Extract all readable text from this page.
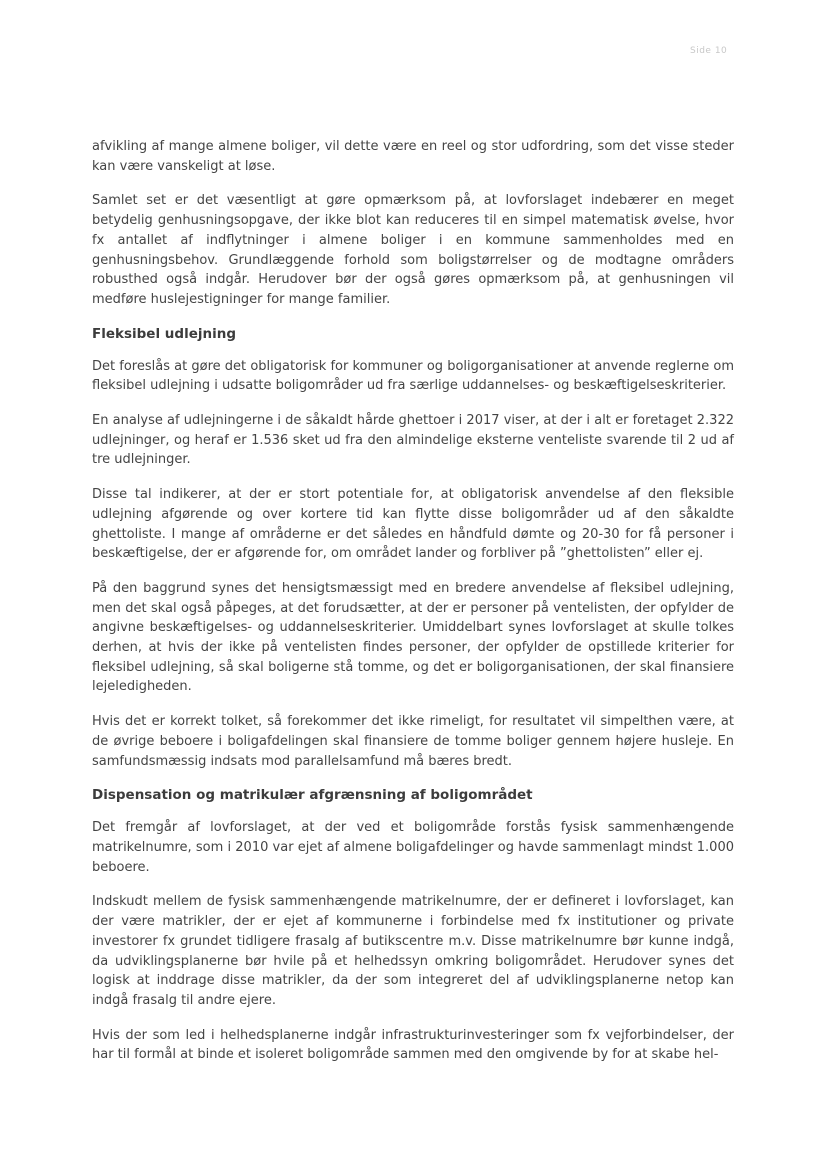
Side 10

afvikling af mange almene boliger, vil dette være en reel og stor udfordring, som det visse steder kan være vanskeligt at løse.

Samlet set er det væsentligt at gøre opmærksom på, at lovforslaget indebærer en meget betydelig genhusningsopgave, der ikke blot kan reduceres til en simpel matematisk øvelse, hvor fx antallet af indflytninger i almene boliger i en kommune sammenholdes med en genhusningsbehov. Grundlæggende forhold som boligstørrelser og de modtagne områders robusthed også indgår. Herudover bør der også gøres opmærksom på, at genhusningen vil medføre huslejestigninger for mange familier.

Fleksibel udlejning

Det foreslås at gøre det obligatorisk for kommuner og boligorganisationer at anvende reglerne om fleksibel udlejning i udsatte boligområder ud fra særlige uddannelses- og beskæftigelseskriterier.

En analyse af udlejningerne i de såkaldt hårde ghettoer i 2017 viser, at der i alt er foretaget 2.322 udlejninger, og heraf er 1.536 sket ud fra den almindelige eksterne venteliste svarende til 2 ud af tre udlejninger.

Disse tal indikerer, at der er stort potentiale for, at obligatorisk anvendelse af den fleksible udlejning afgørende og over kortere tid kan flytte disse boligområder ud af den såkaldte ghettoliste. I mange af områderne er det således en håndfuld dømte og 20-30 for få personer i beskæftigelse, der er afgørende for, om området lander og forbliver på ”ghettolisten” eller ej.

På den baggrund synes det hensigtsmæssigt med en bredere anvendelse af fleksibel udlejning, men det skal også påpeges, at det forudsætter, at der er personer på ventelisten, der opfylder de angivne beskæftigelses- og uddannelseskriterier. Umiddelbart synes lovforslaget at skulle tolkes derhen, at hvis der ikke på ventelisten findes personer, der opfylder de opstillede kriterier for fleksibel udlejning, så skal boligerne stå tomme, og det er boligorganisationen, der skal finansiere lejeledigheden.

Hvis det er korrekt tolket, så forekommer det ikke rimeligt, for resultatet vil simpelthen være, at de øvrige beboere i boligafdelingen skal finansiere de tomme boliger gennem højere husleje. En samfundsmæssig indsats mod parallelsamfund må bæres bredt.

Dispensation og matrikulær afgrænsning af boligområdet

Det fremgår af lovforslaget, at der ved et boligområde forstås fysisk sammenhængende matrikelnumre, som i 2010 var ejet af almene boligafdelinger og havde sammenlagt mindst 1.000 beboere.

Indskudt mellem de fysisk sammenhængende matrikelnumre, der er defineret i lovforslaget, kan der være matrikler, der er ejet af kommunerne i forbindelse med fx institutioner og private investorer fx grundet tidligere frasalg af butikscentre m.v. Disse matrikelnumre bør kunne indgå, da udviklingsplanerne bør hvile på et helhedssyn omkring boligområdet. Herudover synes det logisk at inddrage disse matrikler, da der som integreret del af udviklingsplanerne netop kan indgå frasalg til andre ejere.

Hvis der som led i helhedsplanerne indgår infrastrukturinvesteringer som fx vejforbindelser, der har til formål at binde et isoleret boligområde sammen med den omgivende by for at skabe hel-
